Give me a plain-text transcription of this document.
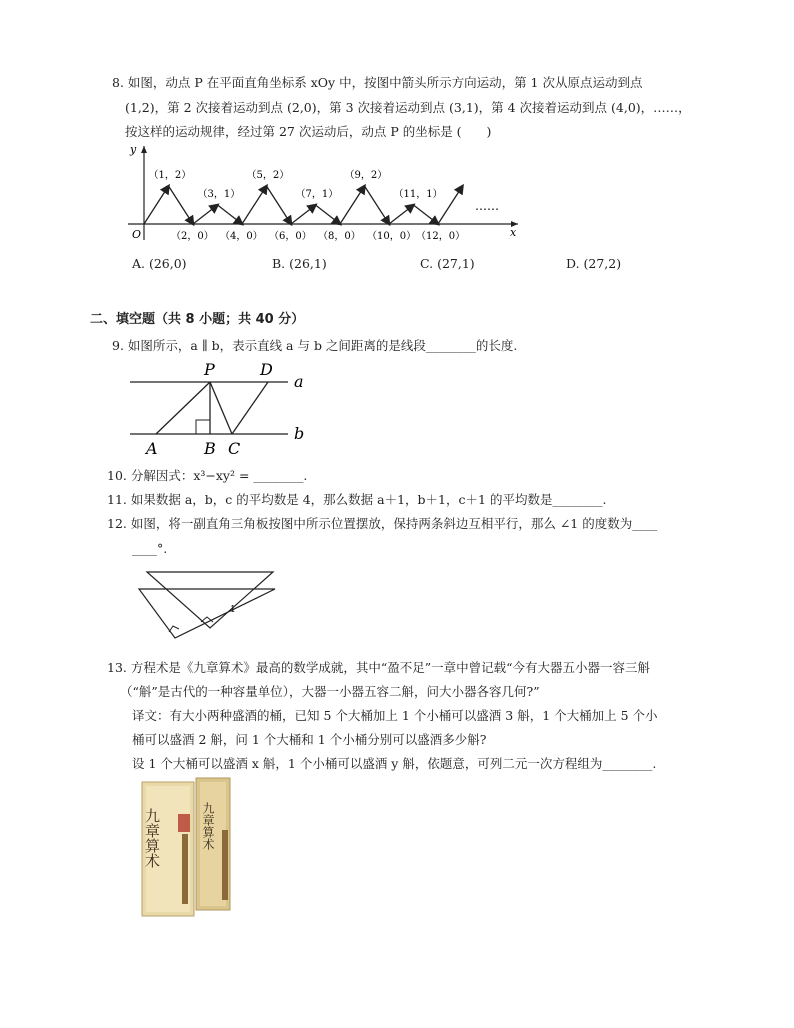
8. 如图，动点 P 在平面直角坐标系 xOy 中，按图中箭头所示方向运动，第 1 次从原点运动到点
(1,2)，第 2 次接着运动到点 (2,0)，第 3 次接着运动到点 (3,1)，第 4 次接着运动到点 (4,0)，……，
按这样的运动规律，经过第 27 次运动后，动点 P 的坐标是 (　　)
y
x
O
……
（1，2）
（3，1）
（5，2）
（7，1）
（9，2）
（11，1）
（2，0） （4，0） （6，0） （8，0） （10，0） （12，0）
A. (26,0)	B. (26,1)	C. (27,1)	D. (27,2)
二、填空题（共 8 小题；共 40 分）
9. 如图所示，a ∥ b，表示直线 a 与 b 之间距离的是线段________的长度.
P	D
a
b
A	B C
10. 分解因式：x³−xy² = ________.
11. 如果数据 a，b，c 的平均数是 4，那么数据 a＋1，b＋1，c＋1 的平均数是________.
12. 如图，将一副直角三角板按图中所示位置摆放，保持两条斜边互相平行，那么 ∠1 的度数为____
____°.
1
13. 方程术是《九章算术》最高的数学成就，其中“盈不足”一章中曾记载“今有大器五小器一容三斛
（“斛”是古代的一种容量单位），大器一小器五容二斛，问大小器各容几何?”
译文：有大小两种盛酒的桶，已知 5 个大桶加上 1 个小桶可以盛酒 3 斛，1 个大桶加上 5 个小
桶可以盛酒 2 斛，问 1 个大桶和 1 个小桶分别可以盛酒多少斛?
设 1 个大桶可以盛酒 x 斛，1 个小桶可以盛酒 y 斛，依题意，可列二元一次方程组为________.
九章算术	九章算术
